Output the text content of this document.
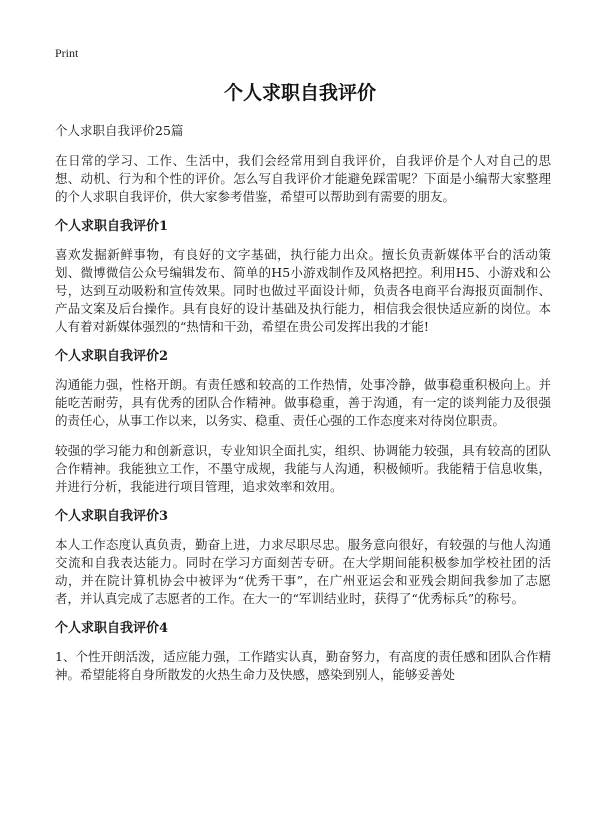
Print
个人求职自我评价

个人求职自我评价25篇

在日常的学习、工作、生活中，我们会经常用到自我评价，自我评价是个人对自己的思想、动机、行为和个性的评价。怎么写自我评价才能避免踩雷呢？下面是小编帮大家整理的个人求职自我评价，供大家参考借鉴，希望可以帮助到有需要的朋友。

个人求职自我评价1

喜欢发掘新鲜事物，有良好的文字基础，执行能力出众。擅长负责新媒体平台的活动策划、微博微信公众号编辑发布、简单的H5小游戏制作及风格把控。利用H5、小游戏和公号，达到互动吸粉和宣传效果。同时也做过平面设计师，负责各电商平台海报页面制作、产品文案及后台操作。具有良好的设计基础及执行能力，相信我会很快适应新的岗位。本人有着对新媒体强烈的“热情和干劲，希望在贵公司发挥出我的才能!

个人求职自我评价2

沟通能力强，性格开朗。有责任感和较高的工作热情，处事冷静，做事稳重积极向上。并能吃苦耐劳，具有优秀的团队合作精神。做事稳重，善于沟通，有一定的谈判能力及很强的责任心，从事工作以来，以务实、稳重、责任心强的工作态度来对待岗位职责。

较强的学习能力和创新意识，专业知识全面扎实，组织、协调能力较强，具有较高的团队合作精神。我能独立工作，不墨守成规，我能与人沟通，积极倾听。我能精于信息收集，并进行分析，我能进行项目管理，追求效率和效用。

个人求职自我评价3

本人工作态度认真负责，勤奋上进，力求尽职尽忠。服务意向很好，有较强的与他人沟通交流和自我表达能力。同时在学习方面刻苦专研。在大学期间能积极参加学校社团的活动，并在院计算机协会中被评为“优秀干事”，在广州亚运会和亚残会期间我参加了志愿者，并认真完成了志愿者的工作。在大一的“军训结业时，获得了“优秀标兵”的称号。

个人求职自我评价4

1、个性开朗活泼，适应能力强，工作踏实认真，勤奋努力，有高度的责任感和团队合作精神。希望能将自身所散发的火热生命力及快感，感染到别人，能够妥善处
